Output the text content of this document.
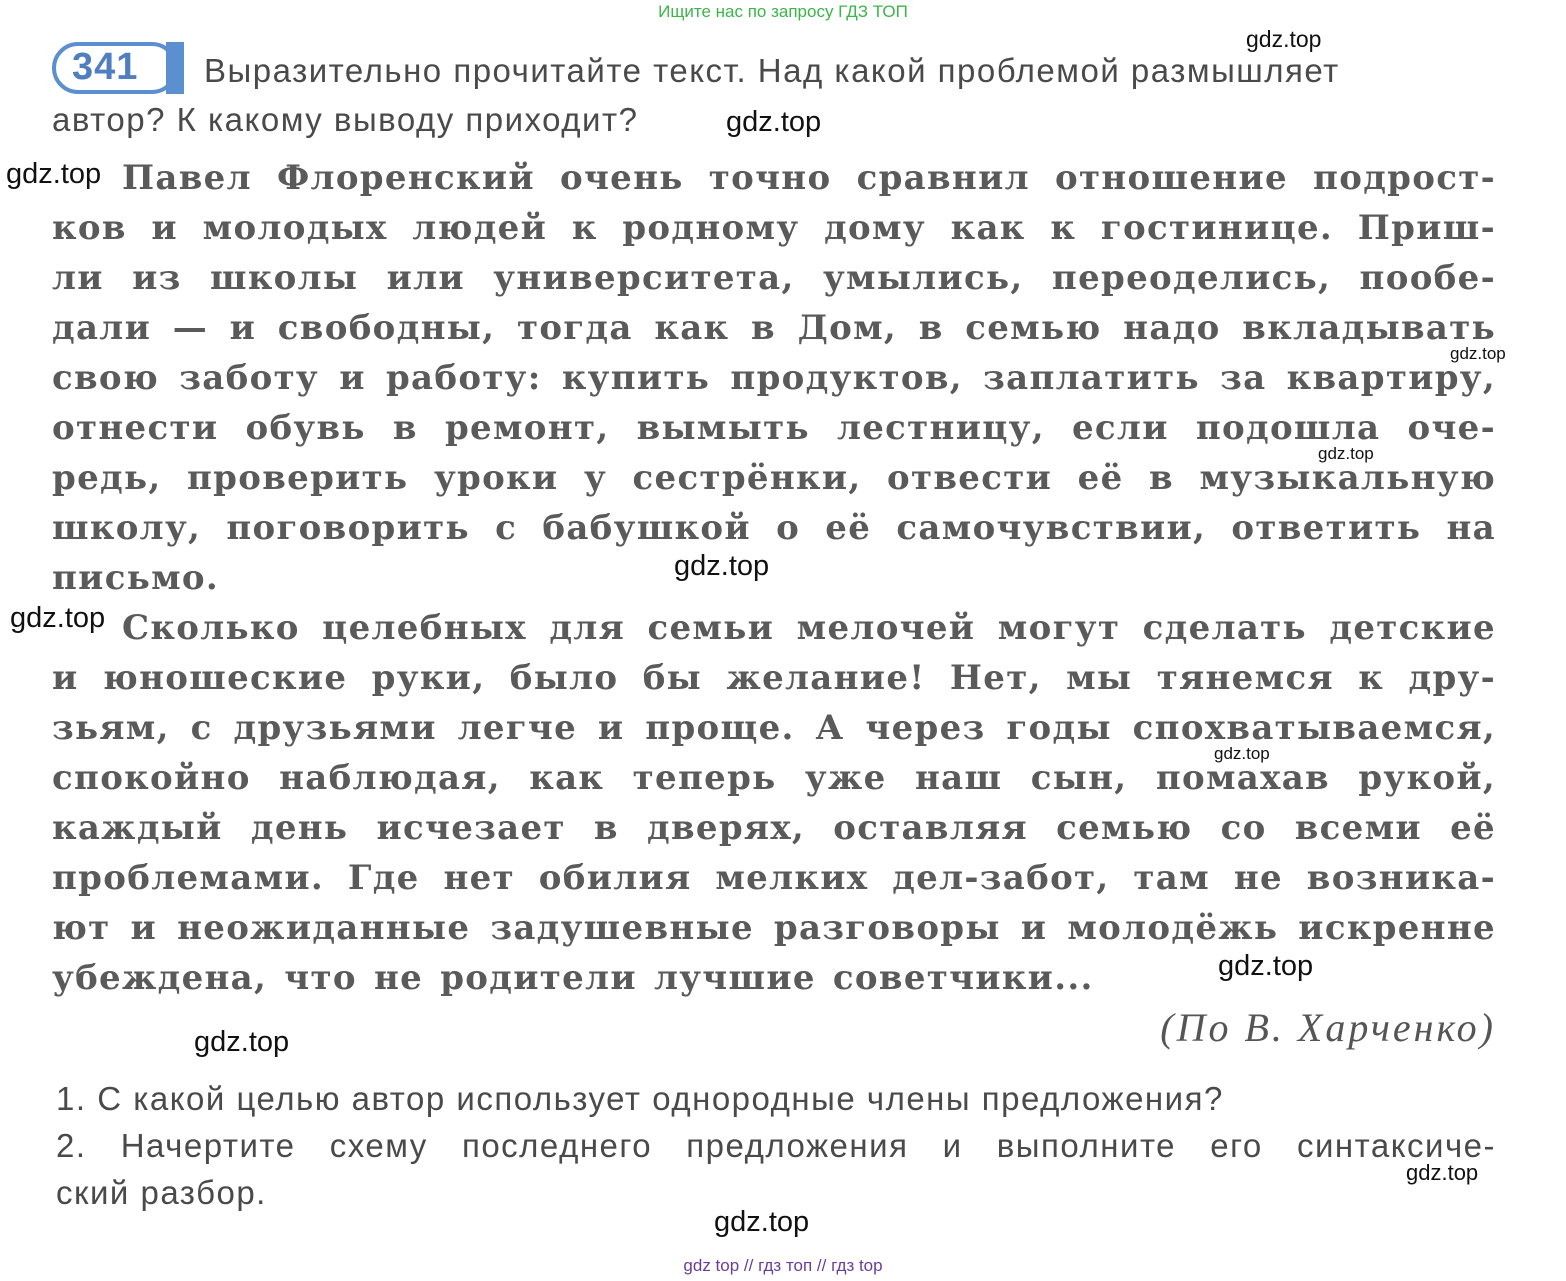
Ищите нас по запросу ГДЗ ТОП
341 Выразительно прочитайте текст. Над какой проблемой размышляет
автор? К какому выводу приходит?
Павел Флоренский очень точно сравнил отношение подрост-
ков и молодых людей к родному дому как к гостинице. Приш-
ли из школы или университета, умылись, переоделись, пообе-
дали — и свободны, тогда как в Дом, в семью надо вкладывать
свою заботу и работу: купить продуктов, заплатить за квартиру,
отнести обувь в ремонт, вымыть лестницу, если подошла оче-
редь, проверить уроки у сестрёнки, отвести её в музыкальную
школу, поговорить с бабушкой о её самочувствии, ответить на
письмо.
Сколько целебных для семьи мелочей могут сделать детские
и юношеские руки, было бы желание! Нет, мы тянемся к дру-
зьям, с друзьями легче и проще. А через годы спохватываемся,
спокойно наблюдая, как теперь уже наш сын, помахав рукой,
каждый день исчезает в дверях, оставляя семью со всеми её
проблемами. Где нет обилия мелких дел-забот, там не возника-
ют и неожиданные задушевные разговоры и молодёжь искренне
убеждена, что не родители лучшие советчики...
(По В. Харченко)
1. С какой целью автор использует однородные члены предложения?
2. Начертите схему последнего предложения и выполните его синтаксиче-
ский разбор.
gdz.top
gdz.top
gdz.top
gdz.top
gdz.top
gdz.top
gdz.top
gdz.top
gdz.top
gdz.top
gdz.top
gdz.top
gdz top // гдз топ // гдз top
